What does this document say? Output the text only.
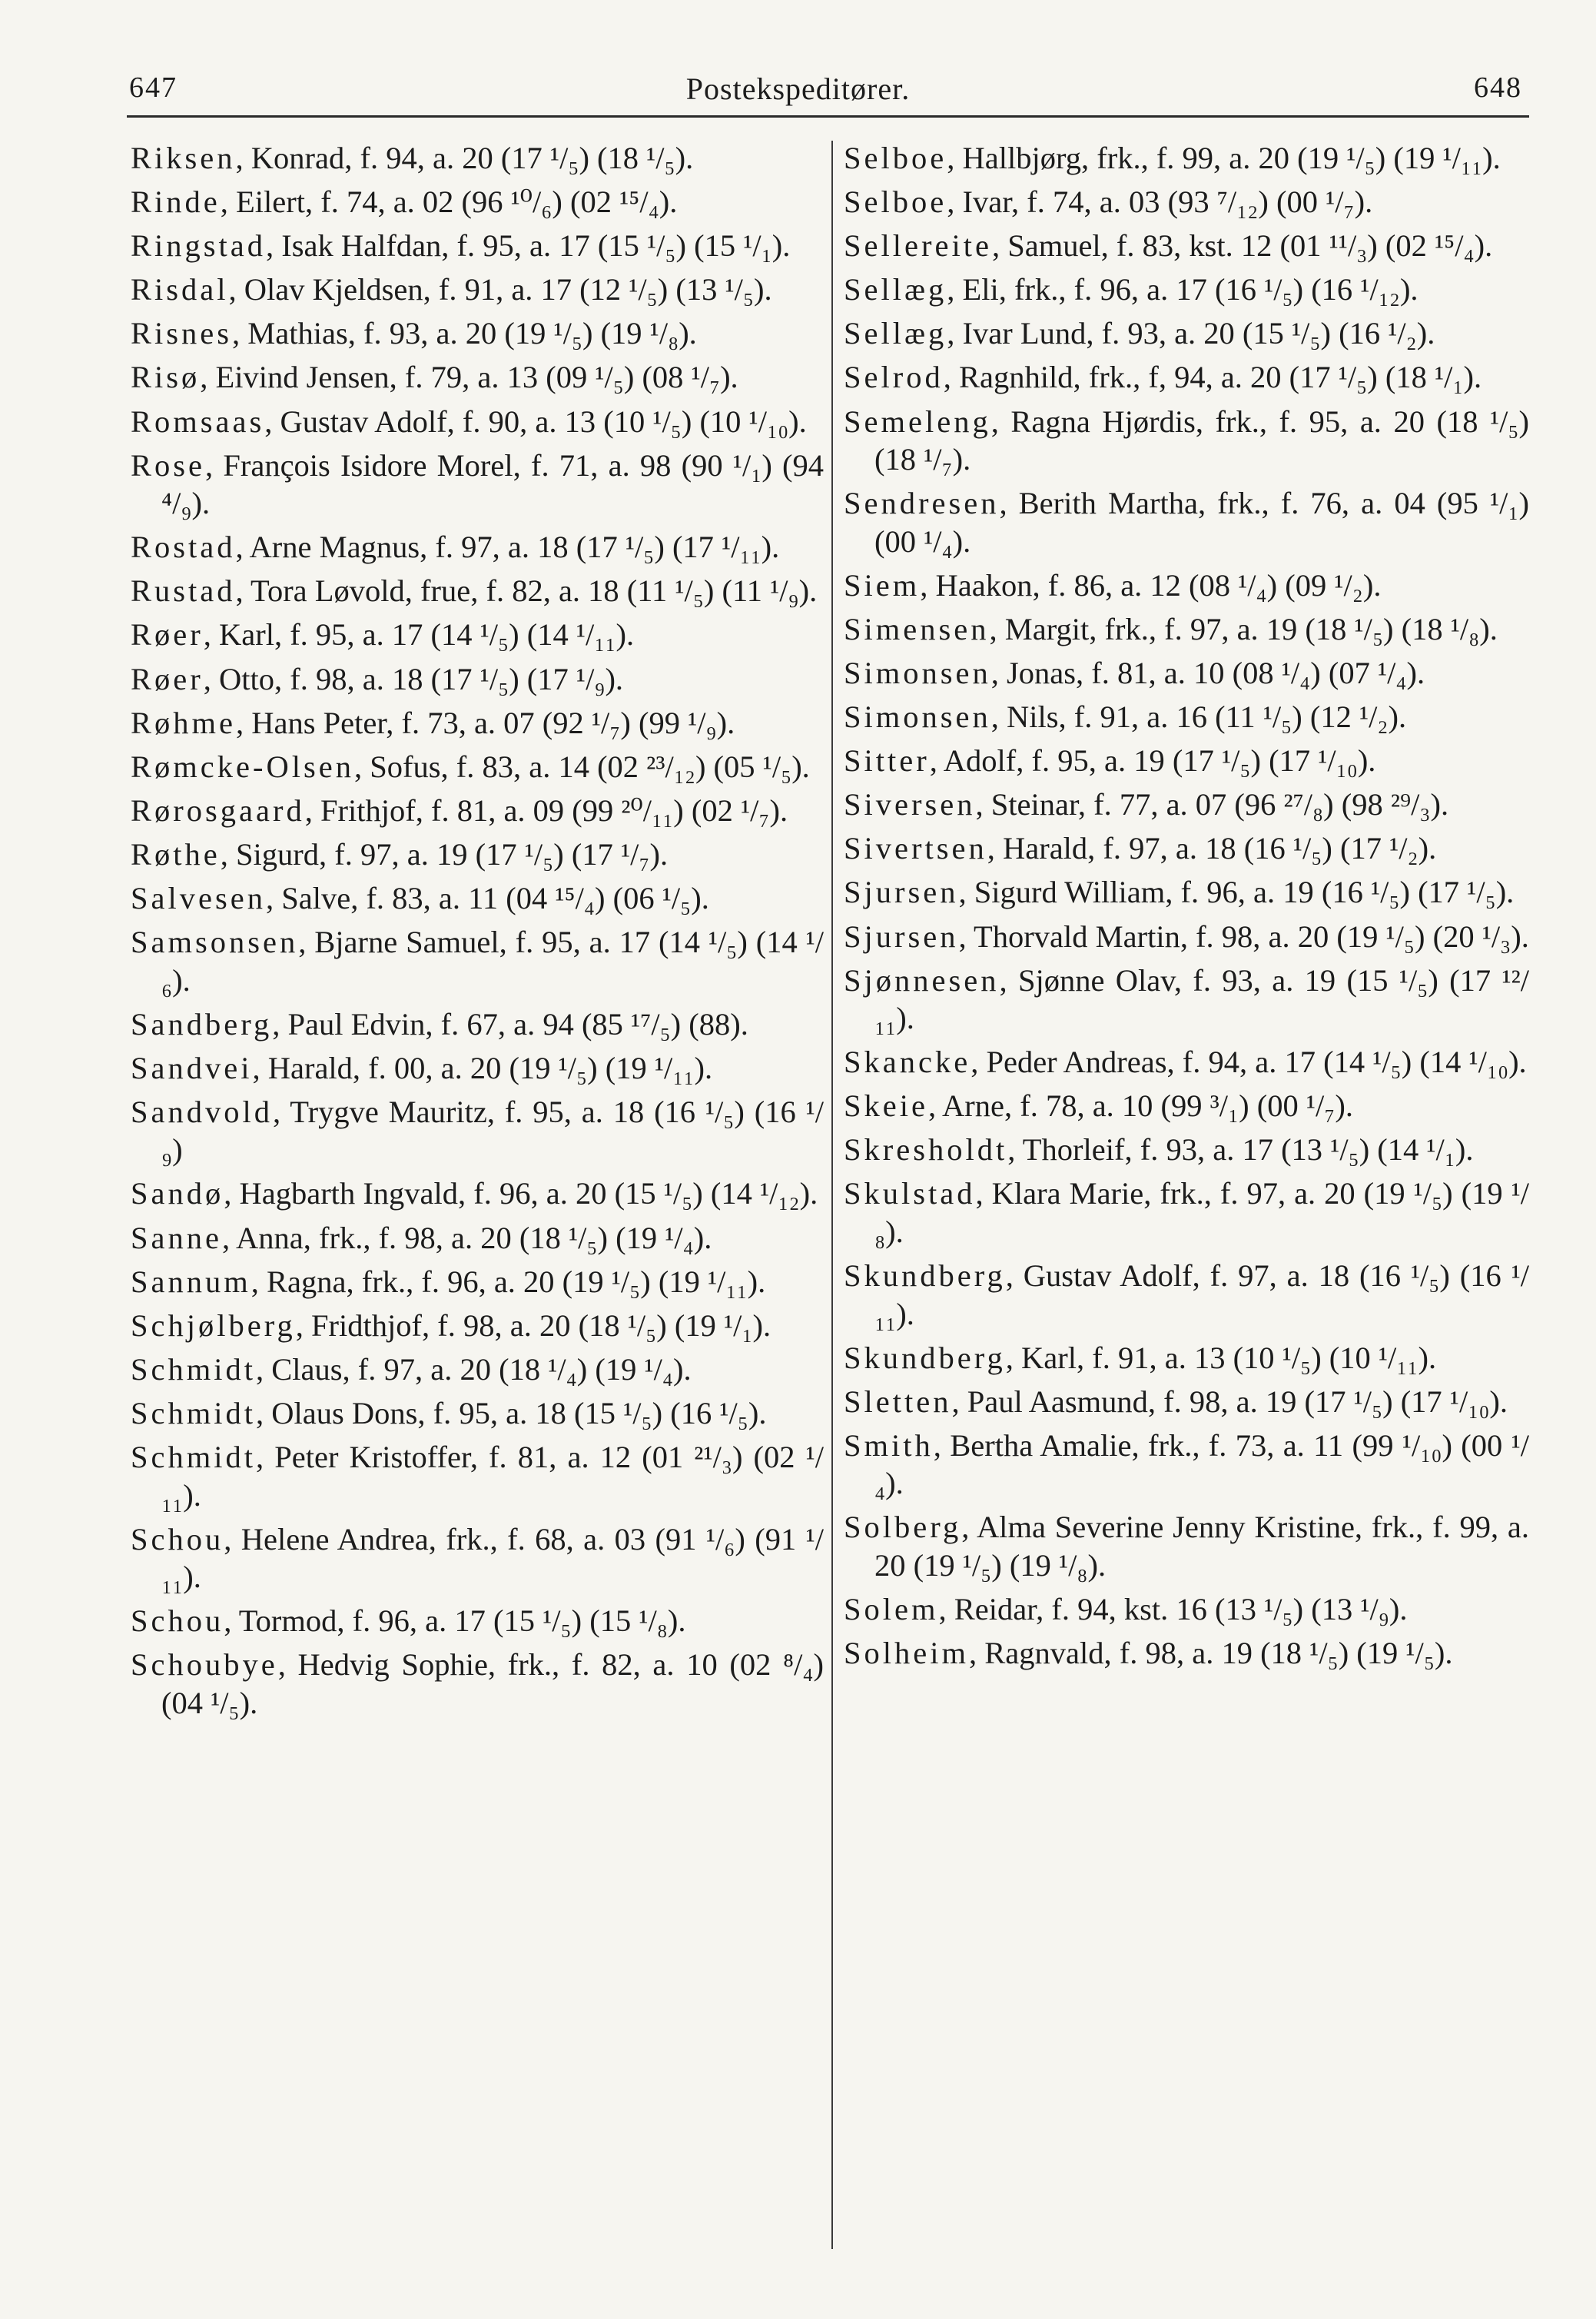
647	Postekspeditører.	648
Riksen, Konrad, f. 94, a. 20 (17 ¹/₅) (18 ¹/₅).
Rinde, Eilert, f. 74, a. 02 (96 ¹⁰/₆) (02 ¹⁵/₄).
Ringstad, Isak Halfdan, f. 95, a. 17 (15 ¹/₅) (15 ¹/₁).
Risdal, Olav Kjeldsen, f. 91, a. 17 (12 ¹/₅) (13 ¹/₅).
Risnes, Mathias, f. 93, a. 20 (19 ¹/₅) (19 ¹/₈).
Risø, Eivind Jensen, f. 79, a. 13 (09 ¹/₅) (08 ¹/₇).
Romsaas, Gustav Adolf, f. 90, a. 13 (10 ¹/₅) (10 ¹/₁₀).
Rose, François Isidore Morel, f. 71, a. 98 (90 ¹/₁) (94 ⁴/₉).
Rostad, Arne Magnus, f. 97, a. 18 (17 ¹/₅) (17 ¹/₁₁).
Rustad, Tora Løvold, frue, f. 82, a. 18 (11 ¹/₅) (11 ¹/₉).
Røer, Karl, f. 95, a. 17 (14 ¹/₅) (14 ¹/₁₁).
Røer, Otto, f. 98, a. 18 (17 ¹/₅) (17 ¹/₉).
Røhme, Hans Peter, f. 73, a. 07 (92 ¹/₇) (99 ¹/₉).
Rømcke-Olsen, Sofus, f. 83, a. 14 (02 ²³/₁₂) (05 ¹/₅).
Rørosgaard, Frithjof, f. 81, a. 09 (99 ²⁰/₁₁) (02 ¹/₇).
Røthe, Sigurd, f. 97, a. 19 (17 ¹/₅) (17 ¹/₇).
Salvesen, Salve, f. 83, a. 11 (04 ¹⁵/₄) (06 ¹/₅).
Samsonsen, Bjarne Samuel, f. 95, a. 17 (14 ¹/₅) (14 ¹/₆).
Sandberg, Paul Edvin, f. 67, a. 94 (85 ¹⁷/₅) (88).
Sandvei, Harald, f. 00, a. 20 (19 ¹/₅) (19 ¹/₁₁).
Sandvold, Trygve Mauritz, f. 95, a. 18 (16 ¹/₅) (16 ¹/₉)
Sandø, Hagbarth Ingvald, f. 96, a. 20 (15 ¹/₅) (14 ¹/₁₂).
Sanne, Anna, frk., f. 98, a. 20 (18 ¹/₅) (19 ¹/₄).
Sannum, Ragna, frk., f. 96, a. 20 (19 ¹/₅) (19 ¹/₁₁).
Schjølberg, Fridthjof, f. 98, a. 20 (18 ¹/₅) (19 ¹/₁).
Schmidt, Claus, f. 97, a. 20 (18 ¹/₄) (19 ¹/₄).
Schmidt, Olaus Dons, f. 95, a. 18 (15 ¹/₅) (16 ¹/₅).
Schmidt, Peter Kristoffer, f. 81, a. 12 (01 ²¹/₃) (02 ¹/₁₁).
Schou, Helene Andrea, frk., f. 68, a. 03 (91 ¹/₆) (91 ¹/₁₁).
Schou, Tormod, f. 96, a. 17 (15 ¹/₅) (15 ¹/₈).
Schoubye, Hedvig Sophie, frk., f. 82, a. 10 (02 ⁸/₄) (04 ¹/₅).
Selboe, Hallbjørg, frk., f. 99, a. 20 (19 ¹/₅) (19 ¹/₁₁).
Selboe, Ivar, f. 74, a. 03 (93 ⁷/₁₂) (00 ¹/₇).
Sellereite, Samuel, f. 83, kst. 12 (01 ¹¹/₃) (02 ¹⁵/₄).
Sellæg, Eli, frk., f. 96, a. 17 (16 ¹/₅) (16 ¹/₁₂).
Sellæg, Ivar Lund, f. 93, a. 20 (15 ¹/₅) (16 ¹/₂).
Selrod, Ragnhild, frk., f, 94, a. 20 (17 ¹/₅) (18 ¹/₁).
Semeleng, Ragna Hjørdis, frk., f. 95, a. 20 (18 ¹/₅) (18 ¹/₇).
Sendresen, Berith Martha, frk., f. 76, a. 04 (95 ¹/₁) (00 ¹/₄).
Siem, Haakon, f. 86, a. 12 (08 ¹/₄) (09 ¹/₂).
Simensen, Margit, frk., f. 97, a. 19 (18 ¹/₅) (18 ¹/₈).
Simonsen, Jonas, f. 81, a. 10 (08 ¹/₄) (07 ¹/₄).
Simonsen, Nils, f. 91, a. 16 (11 ¹/₅) (12 ¹/₂).
Sitter, Adolf, f. 95, a. 19 (17 ¹/₅) (17 ¹/₁₀).
Siversen, Steinar, f. 77, a. 07 (96 ²⁷/₈) (98 ²⁹/₃).
Sivertsen, Harald, f. 97, a. 18 (16 ¹/₅) (17 ¹/₂).
Sjursen, Sigurd William, f. 96, a. 19 (16 ¹/₅) (17 ¹/₅).
Sjursen, Thorvald Martin, f. 98, a. 20 (19 ¹/₅) (20 ¹/₃).
Sjønnesen, Sjønne Olav, f. 93, a. 19 (15 ¹/₅) (17 ¹²/₁₁).
Skancke, Peder Andreas, f. 94, a. 17 (14 ¹/₅) (14 ¹/₁₀).
Skeie, Arne, f. 78, a. 10 (99 ³/₁) (00 ¹/₇).
Skresholdt, Thorleif, f. 93, a. 17 (13 ¹/₅) (14 ¹/₁).
Skulstad, Klara Marie, frk., f. 97, a. 20 (19 ¹/₅) (19 ¹/₈).
Skundberg, Gustav Adolf, f. 97, a. 18 (16 ¹/₅) (16 ¹/₁₁).
Skundberg, Karl, f. 91, a. 13 (10 ¹/₅) (10 ¹/₁₁).
Sletten, Paul Aasmund, f. 98, a. 19 (17 ¹/₅) (17 ¹/₁₀).
Smith, Bertha Amalie, frk., f. 73, a. 11 (99 ¹/₁₀) (00 ¹/₄).
Solberg, Alma Severine Jenny Kristine, frk., f. 99, a. 20 (19 ¹/₅) (19 ¹/₈).
Solem, Reidar, f. 94, kst. 16 (13 ¹/₅) (13 ¹/₉).
Solheim, Ragnvald, f. 98, a. 19 (18 ¹/₅) (19 ¹/₅).
